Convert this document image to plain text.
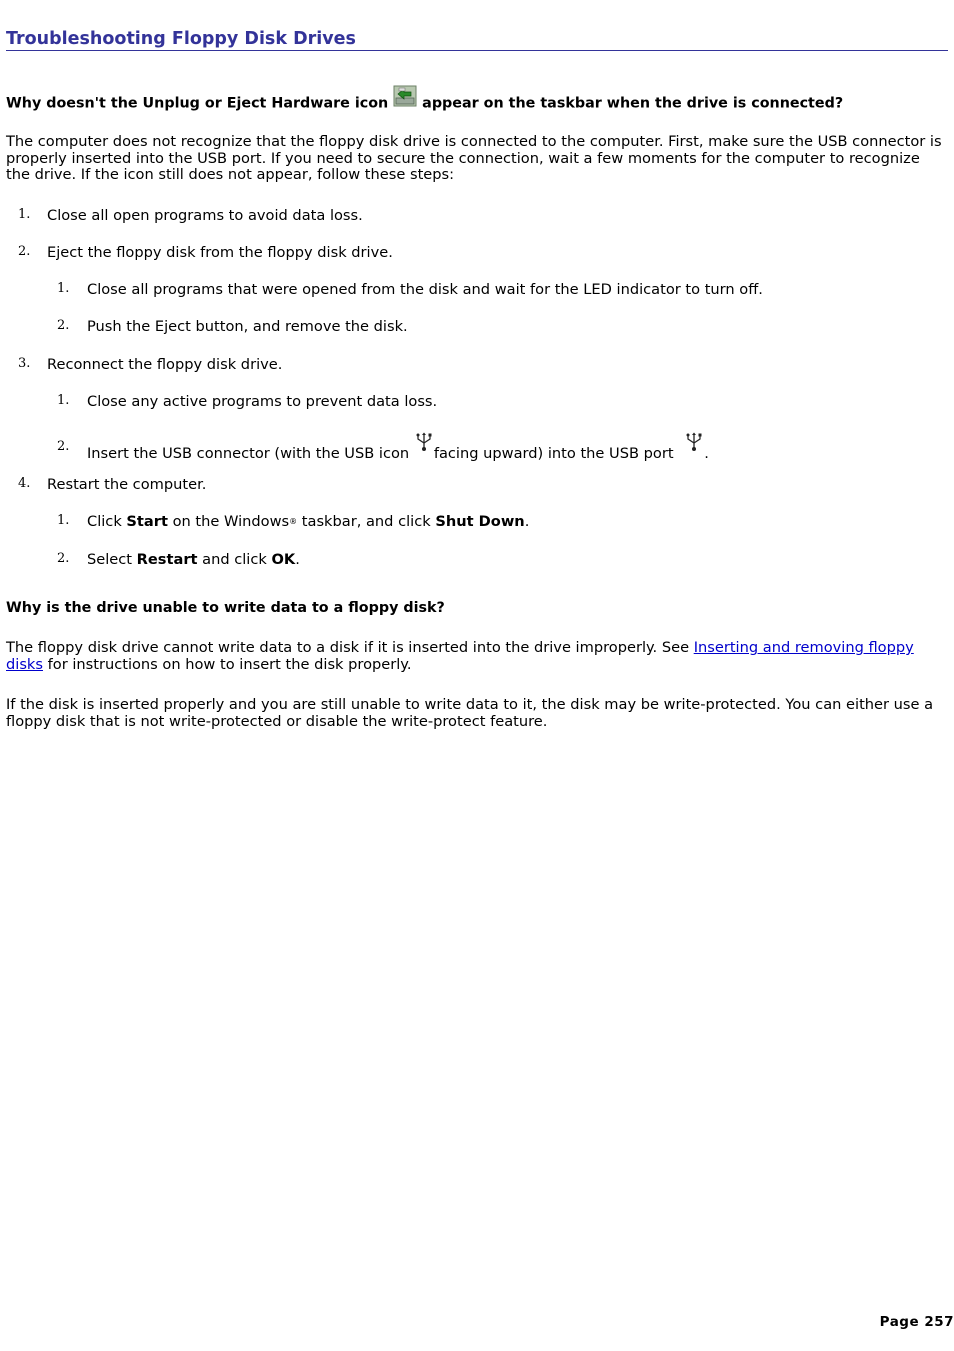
Troubleshooting Floppy Disk Drives
Why doesn't the Unplug or Eject Hardware icon  appear on the taskbar when the drive is connected?
The computer does not recognize that the floppy disk drive is connected to the computer. First, make sure the USB connector is properly inserted into the USB port. If you need to secure the connection, wait a few moments for the computer to recognize the drive. If the icon still does not appear, follow these steps:
1. Close all open programs to avoid data loss.
2. Eject the floppy disk from the floppy disk drive.
1. Close all programs that were opened from the disk and wait for the LED indicator to turn off.
2. Push the Eject button, and remove the disk.
3. Reconnect the floppy disk drive.
1. Close any active programs to prevent data loss.
2. Insert the USB connector (with the USB icon facing upward) into the USB port .
4. Restart the computer.
1. Click Start on the Windows® taskbar, and click Shut Down.
2. Select Restart and click OK.
Why is the drive unable to write data to a floppy disk?
The floppy disk drive cannot write data to a disk if it is inserted into the drive improperly. See Inserting and removing floppy disks for instructions on how to insert the disk properly.
If the disk is inserted properly and you are still unable to write data to it, the disk may be write-protected. You can either use a floppy disk that is not write-protected or disable the write-protect feature.
Page 257
